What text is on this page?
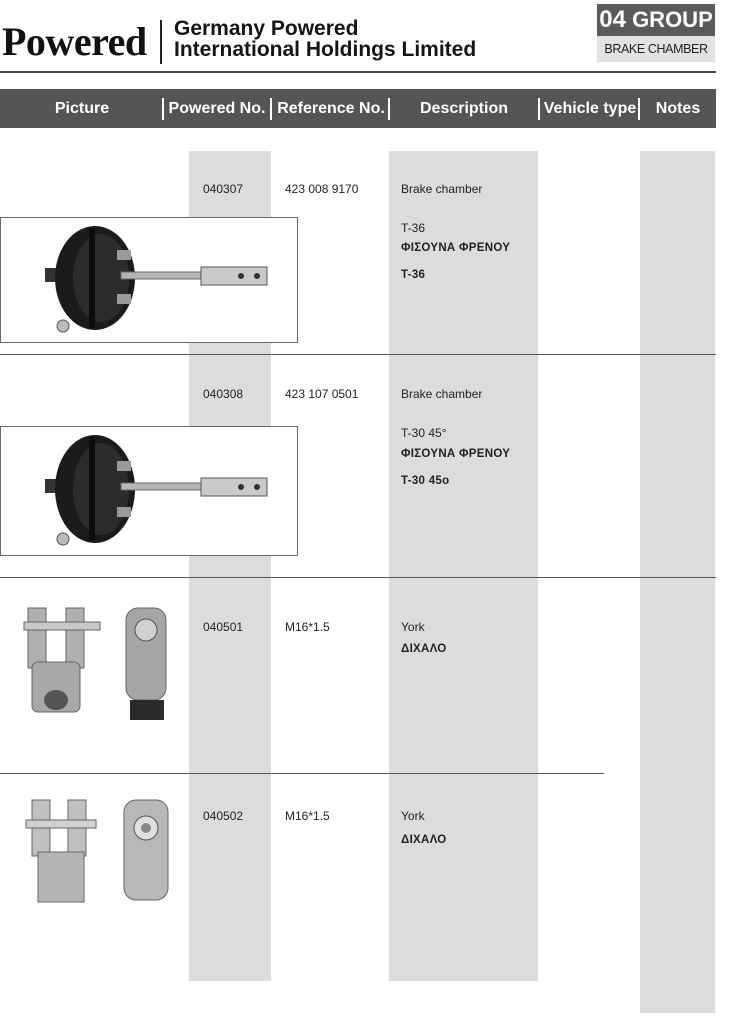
Powered Germany Powered
International Holdings Limited
04 GROUP
BRAKE CHAMBER
Picture	Powered No. Reference No.	Description	Vehicle type	Notes
040307	423 008 9170	Brake chamber
T-36
ΦΙΣΟΥΝΑ ΦΡΕΝΟΥ
T-36
040308	423 107 0501	Brake chamber
T-30 45°
ΦΙΣΟΥΝΑ ΦΡΕΝΟΥ
T-30 45o
040501	M16*1.5	York
ΔΙΧΑΛΟ
040502	M16*1.5	York
ΔΙΧΑΛΟ
